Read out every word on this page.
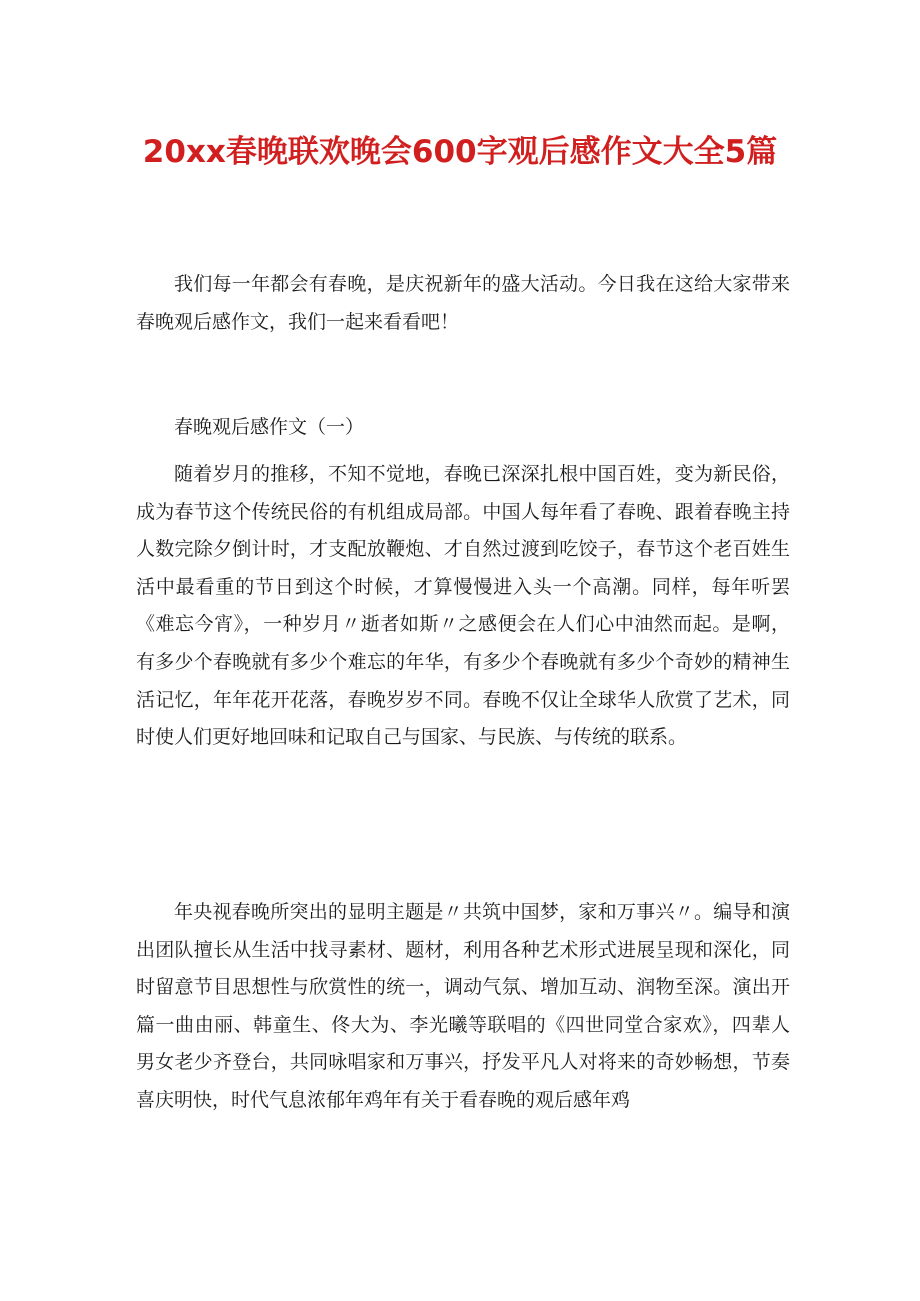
20xx春晚联欢晚会600字观后感作文大全5篇

我们每一年都会有春晚，是庆祝新年的盛大活动。今日我在这给大家带来春晚观后感作文，我们一起来看看吧！

春晚观后感作文（一）

随着岁月的推移，不知不觉地，春晚已深深扎根中国百姓，变为新民俗，成为春节这个传统民俗的有机组成局部。中国人每年看了春晚、跟着春晚主持人数完除夕倒计时，才支配放鞭炮、才自然过渡到吃饺子，春节这个老百姓生活中最看重的节日到这个时候，才算慢慢进入头一个高潮。同样，每年听罢《难忘今宵》，一种岁月〃逝者如斯〃之感便会在人们心中油然而起。是啊，有多少个春晚就有多少个难忘的年华，有多少个春晚就有多少个奇妙的精神生活记忆，年年花开花落，春晚岁岁不同。春晚不仅让全球华人欣赏了艺术，同时使人们更好地回味和记取自己与国家、与民族、与传统的联系。

年央视春晚所突出的显明主题是〃共筑中国梦，家和万事兴〃。编导和演出团队擅长从生活中找寻素材、题材，利用各种艺术形式进展呈现和深化，同时留意节目思想性与欣赏性的统一，调动气氛、增加互动、润物至深。演出开篇一曲由丽、韩童生、佟大为、李光曦等联唱的《四世同堂合家欢》，四辈人男女老少齐登台，共同咏唱家和万事兴，抒发平凡人对将来的奇妙畅想，节奏喜庆明快，时代气息浓郁年鸡年有关于看春晚的观后感年鸡
